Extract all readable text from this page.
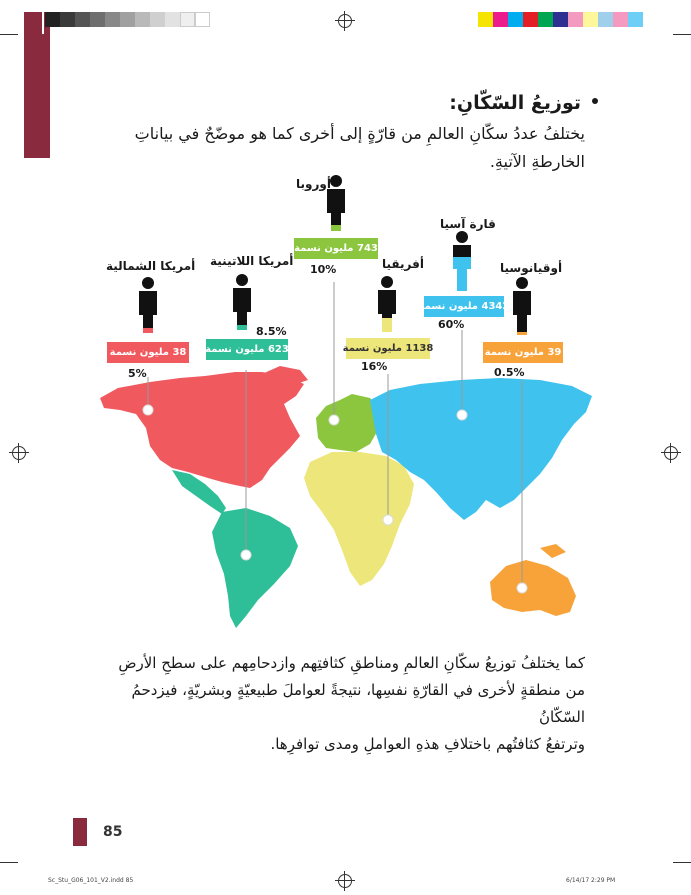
توزيعُ السّكّانِ:
يختلفُ عددُ سكّانِ العالمِ من قارّةٍ إلى أخرى كما هو موضّحٌ في بياناتِ الخارطةِ الآتيةِ.
أمريكا الشمالية
38 مليون نسمة
5%
أمريكا اللاتينية
8.5%
623 مليون نسمة
أوروبا
743 مليون نسمة
10%	أفريقيا
1138 مليون نسمة
16%
قارة آسيا
4342 مليون نسمة
60%
أوقيانوسيا
39 مليون نسمة
0.5%
كما يختلفُ توزيعُ سكّانِ العالمِ ومناطقِ كثافتِهم وازدحامِهم على سطحِ الأرضِ
من منطقةٍ لأخرى في القارّةِ نفسِها، نتيجةً لعواملَ طبيعيّةٍ وبشريّةٍ، فيزدحمُ السّكّانُ
وترتفعُ كثافتُهم باختلافِ هذهِ العواملِ ومدى توافرِها.
85
Sc_Stu_G06_101_V2.indd 85	6/14/17 2:29 PM
